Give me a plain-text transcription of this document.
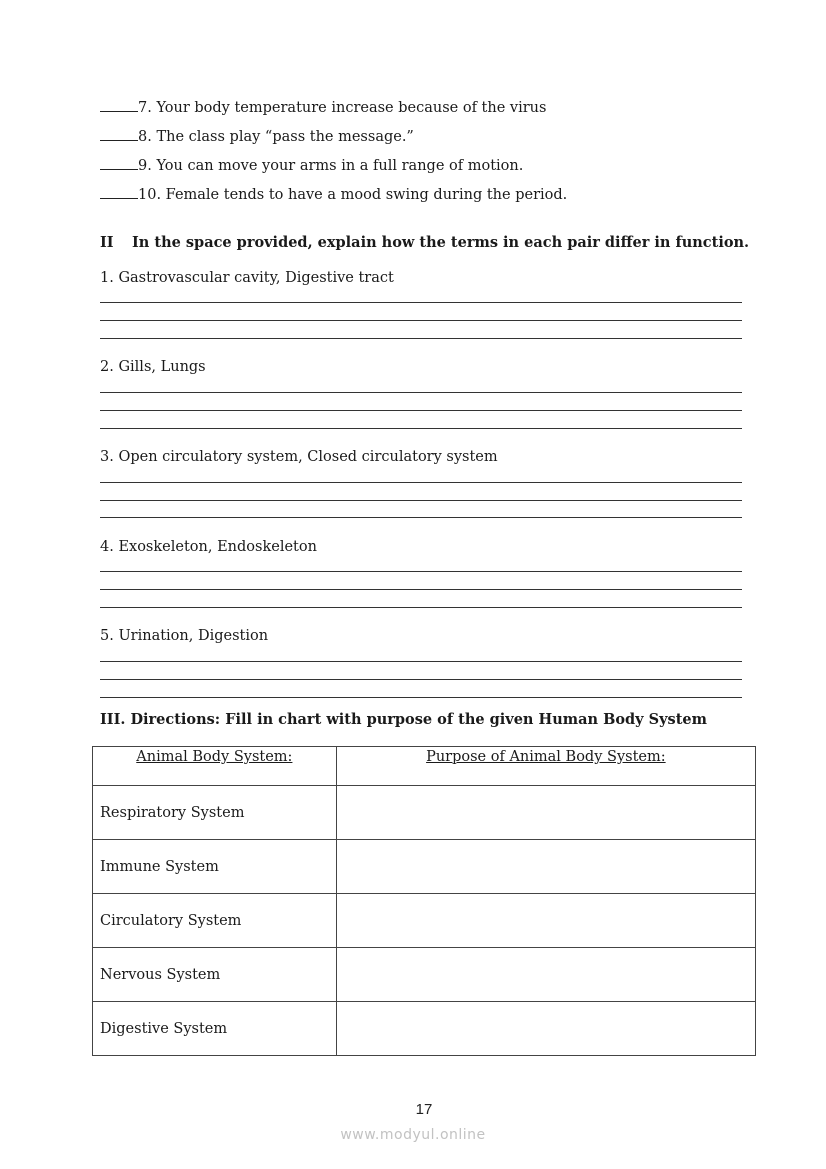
7. Your body temperature increase because of the virus
8. The class play “pass the message.”
9. You can move your arms in a full range of motion.
10. Female tends to have a mood swing during the period.
II In the space provided, explain how the terms in each pair differ in function.
1. Gastrovascular cavity, Digestive tract
2. Gills, Lungs
3. Open circulatory system, Closed circulatory system
4. Exoskeleton, Endoskeleton
5. Urination, Digestion
III. Directions: Fill in chart with purpose of the given Human Body System
Animal Body System:	Purpose of Animal Body System:
Respiratory System	
Immune System	
Circulatory System	
Nervous System	
Digestive System	
17
www.modyul.online
